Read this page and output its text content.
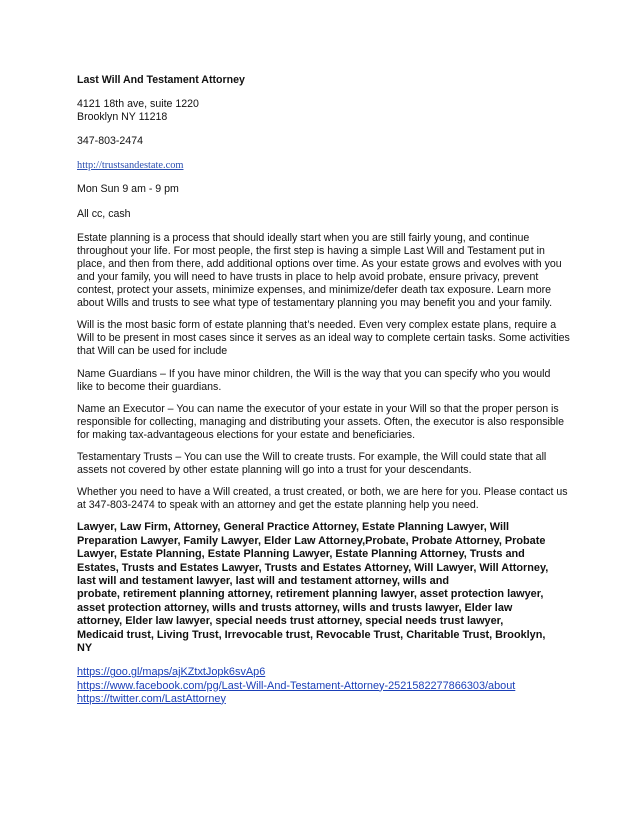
Last Will And Testament Attorney
4121 18th ave, suite 1220
Brooklyn NY 11218
347-803-2474
http://trustsandestate.com
Mon Sun 9 am - 9 pm
All cc, cash
Estate planning is a process that should ideally start when you are still fairly young, and continue
throughout your life. For most people, the first step is having a simple Last Will and Testament put in
place, and then from there, add additional options over time. As your estate grows and evolves with you
and your family, you will need to have trusts in place to help avoid probate, ensure privacy, prevent
contest, protect your assets, minimize expenses, and minimize/defer death tax exposure. Learn more
about Wills and trusts to see what type of testamentary planning you may benefit you and your family.
Will is the most basic form of estate planning that’s needed. Even very complex estate plans, require a
Will to be present in most cases since it serves as an ideal way to complete certain tasks. Some activities
that Will can be used for include
Name Guardians – If you have minor children, the Will is the way that you can specify who you would
like to become their guardians.
Name an Executor – You can name the executor of your estate in your Will so that the proper person is
responsible for collecting, managing and distributing your assets. Often, the executor is also responsible
for making tax-advantageous elections for your estate and beneficiaries.
Testamentary Trusts – You can use the Will to create trusts. For example, the Will could state that all
assets not covered by other estate planning will go into a trust for your descendants.
Whether you need to have a Will created, a trust created, or both, we are here for you. Please contact us
at 347-803-2474 to speak with an attorney and get the estate planning help you need.
Lawyer, Law Firm, Attorney, General Practice Attorney, Estate Planning Lawyer, Will
Preparation Lawyer, Family Lawyer, Elder Law Attorney,Probate, Probate Attorney, Probate
Lawyer, Estate Planning, Estate Planning Lawyer, Estate Planning Attorney, Trusts and
Estates, Trusts and Estates Lawyer, Trusts and Estates Attorney, Will Lawyer, Will Attorney,
last will and testament lawyer, last will and testament attorney, wills and
probate, retirement planning attorney, retirement planning lawyer, asset protection lawyer,
asset protection attorney, wills and trusts attorney, wills and trusts lawyer, Elder law
attorney, Elder law lawyer, special needs trust attorney, special needs trust lawyer,
Medicaid trust, Living Trust, Irrevocable trust, Revocable Trust, Charitable Trust, Brooklyn,
NY
https://goo.gl/maps/ajKZtxtJopk6svAp6
https://www.facebook.com/pg/Last-Will-And-Testament-Attorney-2521582277866303/about
https://twitter.com/LastAttorney
